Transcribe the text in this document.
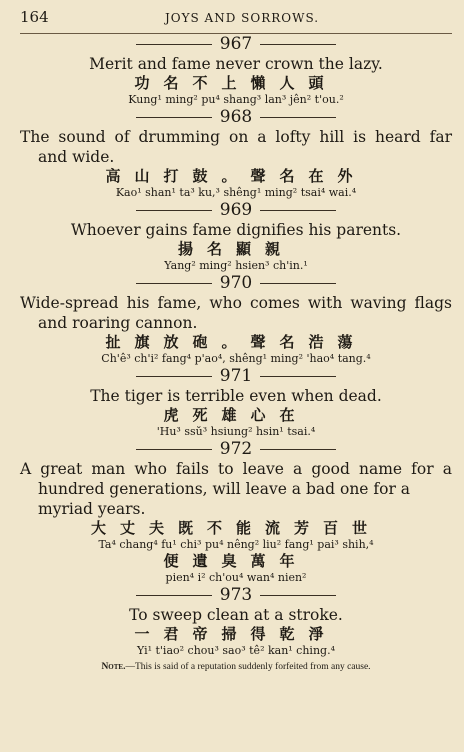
164	JOYS AND SORROWS.
967
Merit and fame never crown the lazy.
功名不上懶人頭
Kung¹ ming² pu⁴ shang³ lan³ jên² t'ou.²
968
The sound of drumming on a lofty hill is heard far
and wide.
高山打鼓。聲名在外
Kao¹ shan¹ ta³ ku,³ shêng¹ ming² tsai⁴ wai.⁴
969
Whoever gains fame dignifies his parents.
揚名顯親
Yang² ming² hsien³ ch'in.¹
970
Wide-spread his fame, who comes with waving flags
and roaring cannon.
扯旗放砲。聲名浩蕩
Ch'ê³ ch'i² fang⁴ p'ao⁴, shêng¹ ming² 'hao⁴ tang.⁴
971
The tiger is terrible even when dead.
虎死雄心在
'Hu³ ssŭ³ hsiung² hsin¹ tsai.⁴
972
A great man who fails to leave a good name for a
hundred generations, will leave a bad one for a
myriad years.
大丈夫既不能流芳百世
Ta⁴ chang⁴ fu¹ chi³ pu⁴ nêng² liu² fang¹ pai³ shih,⁴
便遺臭萬年
pien⁴ i² ch'ou⁴ wan⁴ nien²
973
To sweep clean at a stroke.
一君帝掃得乾淨
Yi¹ t'iao² chou³ sao³ tê² kan¹ ching.⁴
Note.—This is said of a reputation suddenly forfeited from any cause.
